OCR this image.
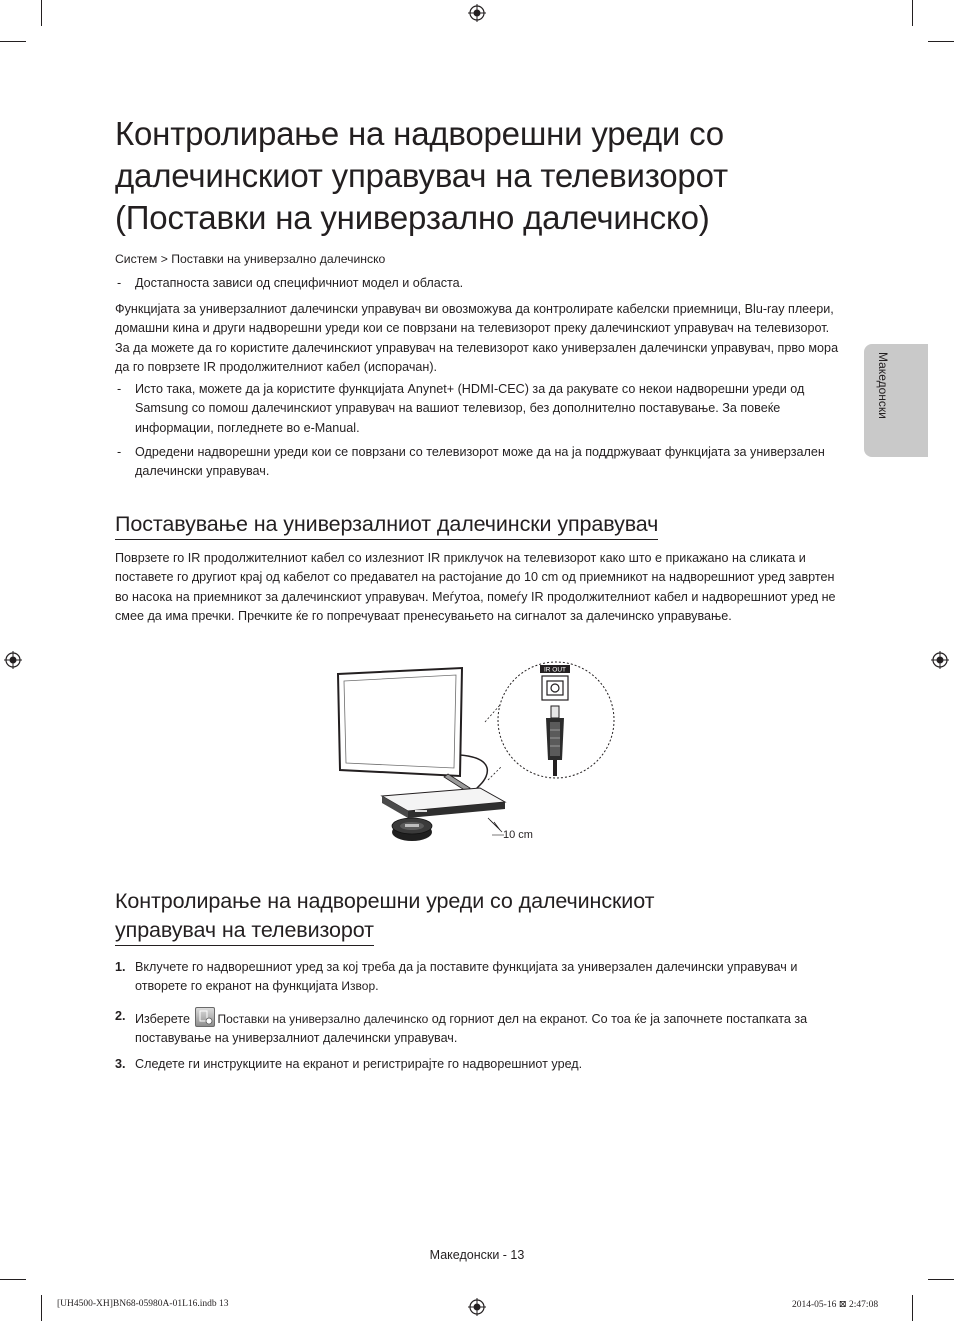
Македонски
Контролирање на надворешни уреди со
далечинскиот управувач на телевизорот
(Поставки на универзално далечинско)
Систем > Поставки на универзално далечинско
- Достапноста зависи од специфичниот модел и областа.
Функцијата за универзалниот далечински управувач ви овозможува да контролирате кабелски приемници, Blu-ray плеери, домашни кина и други надворешни уреди кои се поврзани на телевизорот преку далечинскиот управувач на телевизорот. За да можете да го користите далечинскиот управувач на телевизорот како универзален далечински управувач, прво мора да го поврзете IR продолжителниот кабел (испорачан).
- Исто така, можете да ја користите функцијата Anynet+ (HDMI-CEC) за да ракувате со некои надворешни уреди од Samsung со помош далечинскиот управувач на вашиот телевизор, без дополнително поставување. За повеќе информации, погледнете во e-Manual.
- Одредени надворешни уреди кои се поврзани со телевизорот може да на ја поддржуваат функцијата за универзален далечински управувач.
Поставување на универзалниот далечински управувач
Поврзете го IR продолжителниот кабел со излезниот IR приклучок на телевизорот како што е прикажано на сликата и поставете го другиот крај од кабелот со предавател на растојание до 10 cm од приемникот на надворешниот уред завртен во насока на приемникот за далечинскиот управувач. Меѓутоа, помеѓу IR продолжителниот кабел и надворешниот уред не смее да има пречки. Пречките ќе го попречуваат пренесувањето на сигналот за далечинско управување.
10 cm
IR OUT
Контролирање на надворешни уреди со далечинскиот
управувач на телевизорот
1. Вклучете го надворешниот уред за кој треба да ја поставите функцијата за универзален далечински управувач и отворете го екранот на функцијата Извор.
2. Изберете
Поставки на универзално далечинско од горниот дел на екранот. Со тоа ќе ја започнете постапката за поставување на универзалниот далечински управувач.
3. Следете ги инструкциите на екранот и регистрирајте го надворешниот уред.
Македонски - 13
[UH4500-XH]BN68-05980A-01L16.indb 13	2014-05-16 ⊠ 2:47:08
